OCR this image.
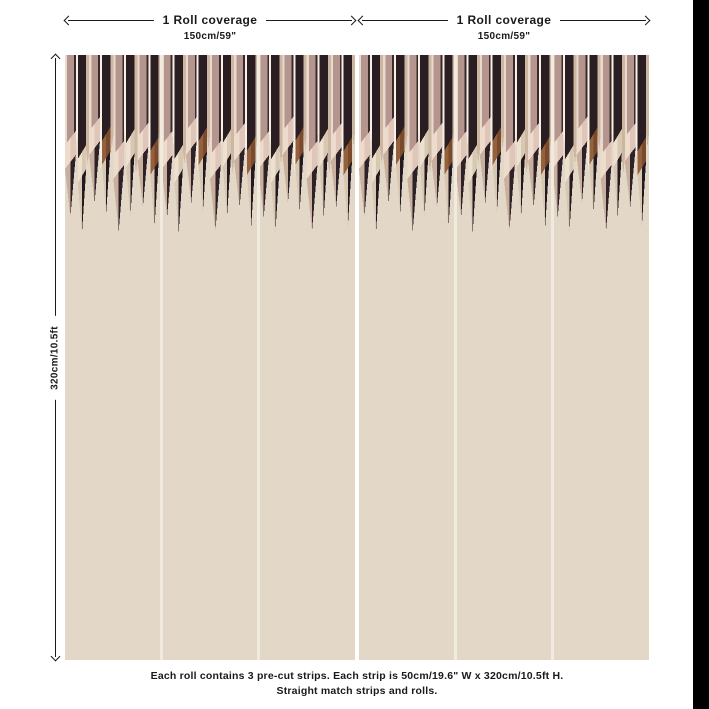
1 Roll coverage
150cm/59"
1 Roll coverage
150cm/59"
320cm/10.5ft
Each roll contains 3 pre-cut strips. Each strip is 50cm/19.6" W x 320cm/10.5ft H.
Straight match strips and rolls.
